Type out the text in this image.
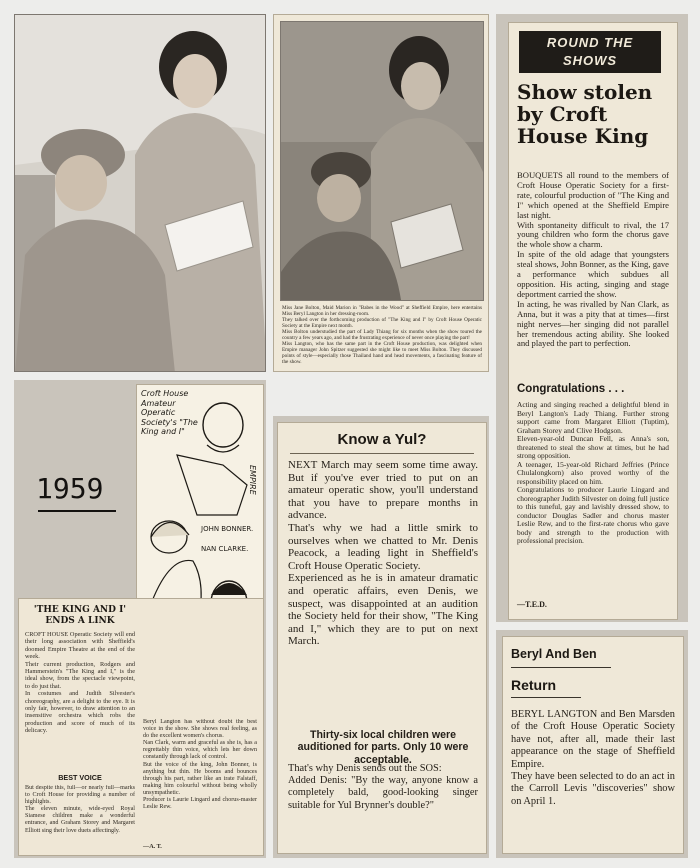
Miss Jane Bolton, Maid Marion in "Babes in the Wood" at Sheffield Empire, here entertains Miss Beryl Langton in her dressing-room.
They talked over the forthcoming production of "The King and I" by Croft House Operatic Society at the Empire next month.
Miss Bolton understudied the part of Lady Thiang for six months when the show toured the country a few years ago, and had the frustrating experience of never once playing the part!
Miss Langton, who has the same part in the Croft House production, was delighted when Empire manager John Spitzer suggested she might like to meet Miss Bolton. They discussed points of style—especially those Thailand hand and head movements, a fascinating feature of the show.
ROUND THE SHOWS
Show stolen by Croft House King
BOUQUETS all round to the members of Croft House Operatic Society for a first-rate, colourful production of "The King and I" which opened at the Sheffield Empire last night.
With spontaneity difficult to rival, the 17 young children who form the chorus gave the whole show a charm.
In spite of the old adage that youngsters steal shows, John Bonner, as the King, gave a performance which subdues all opposition. His acting, singing and stage deportment carried the show.
In acting, he was rivalled by Nan Clark, as Anna, but it was a pity that at times—first night nerves—her singing did not parallel her tremendous acting ability. She looked and played the part to perfection.
Congratulations . . .
Acting and singing reached a delightful blend in Beryl Langton's Lady Thiang. Further strong support came from Margaret Elliott (Tuptim), Graham Storey and Clive Hodgson.
Eleven-year-old Duncan Fell, as Anna's son, threatened to steal the show at times, but he had strong opposition.
A teenager, 15-year-old Richard Jeffries (Prince Chulalongkorn) also proved worthy of the responsibility placed on him.
Congratulations to producer Laurie Lingard and choreographer Judith Silvester on doing full justice to this tuneful, gay and lavishly dressed show, to conductor Douglas Sadler and chorus master Leslie Rew, and to the first-rate chorus who gave body and strength to the production with professional precision.
—T.E.D.
1959
Croft House Amateur Operatic Society's "The King and I"
EMPIRE
JOHN BONNER.
NAN CLARKE.
'THE KING AND I' ENDS A LINK
CROFT HOUSE Operatic Society will end their long association with Sheffield's doomed Empire Theatre at the end of the week.
Their current production, Rodgers and Hammerstein's "The King and I," is the ideal show, from the spectacle viewpoint, to do just that.
In costumes and Judith Silvester's choreography, are a delight to the eye. It is only fair, however, to draw attention to an insensitive orchestra which robs the production and score of much of its delicacy.
BEST VOICE
But despite this, full—or nearly full—marks to Croft House for providing a number of highlights.
The eleven minute, wide-eyed Royal Siamese children make a wonderful entrance, and Graham Storey and Margaret Elliott sing their love duets affectingly.
Beryl Langton has without doubt the best voice in the show. She shows real feeling, as do the excellent women's chorus.
Nan Clark, warm and graceful as she is, has a regrettably thin voice, which lets her down constantly through lack of control.
But the voice of the king, John Bonner, is anything but thin. He booms and bounces through his part, rather like an irate Falstaff, making him colourful without being wholly unsympathetic.
Producer is Laurie Lingard and chorus-master Leslie Rew.
—A. T.
Know a Yul?
NEXT March may seem some time away. But if you've ever tried to put on an amateur operatic show, you'll understand that you have to prepare months in advance.
That's why we had a little smirk to ourselves when we chatted to Mr. Denis Peacock, a leading light in Sheffield's Croft House Operatic Society.
Experienced as he is in amateur dramatic and operatic affairs, even Denis, we suspect, was disappointed at an audition the Society held for their show, "The King and I," which they are to put on next March.
Thirty-six local children were auditioned for parts. Only 10 were acceptable.
That's why Denis sends out the SOS:
Added Denis: "By the way, anyone know a completely bald, good-looking singer suitable for Yul Brynner's double?"
Beryl And Ben
Return
BERYL LANGTON and Ben Marsden of the Croft House Operatic Society have not, after all, made their last appearance on the stage of Sheffield Empire.
They have been selected to do an act in the Carroll Levis "discoveries" show on April 1.
